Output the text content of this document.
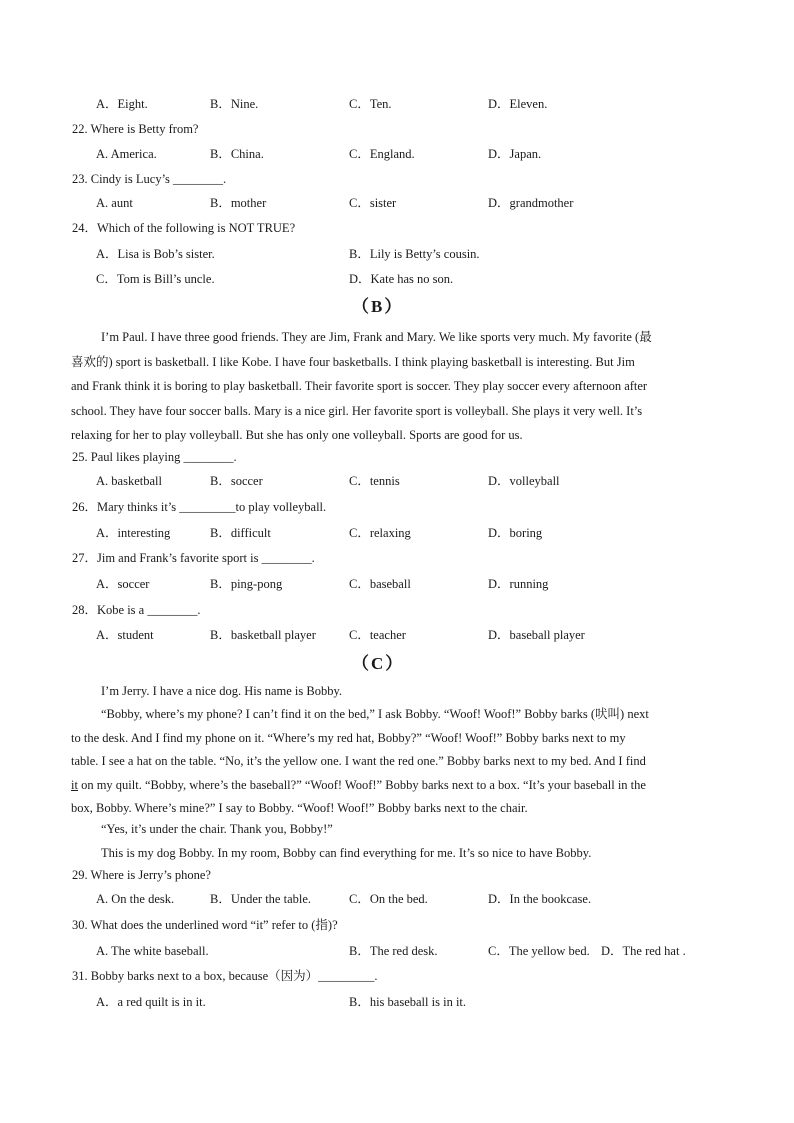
A．Eight.	B．Nine.	C．Ten.	D．Eleven.
22. Where is Betty from?
A. America.	B．China.	C．England.	D．Japan.
23. Cindy is Lucy’s ________.
A. aunt	B．mother	C．sister	D．grandmother
24．Which of the following is NOT TRUE?
A．Lisa is Bob’s sister.	B．Lily is Betty’s cousin.
C．Tom is Bill’s uncle.	D．Kate has no son.
（B）

I’m Paul. I have three good friends. They are Jim, Frank and Mary. We like sports very much. My favorite (最

喜欢的) sport is basketball. I like Kobe. I have four basketballs. I think playing basketball is interesting. But Jim

and Frank think it is boring to play basketball. Their favorite sport is soccer. They play soccer every afternoon after

school. They have four soccer balls. Mary is a nice girl. Her favorite sport is volleyball. She plays it very well. It’s

relaxing for her to play volleyball. But she has only one volleyball. Sports are good for us.

25. Paul likes playing ________.
A. basketball	B．soccer	C．tennis	D．volleyball
26．Mary thinks it’s _________to play volleyball.
A．interesting	B．difficult	C．relaxing	D．boring
27．Jim and Frank’s favorite sport is ________.
A．soccer	B．ping-pong	C．baseball	D．running
28．Kobe is a ________.
A．student	B．basketball player	C．teacher	D．baseball player
（C）
I’m Jerry. I have a nice dog. His name is Bobby.

“Bobby, where’s my phone? I can’t find it on the bed,” I ask Bobby. “Woof! Woof!” Bobby barks (吠叫) next

to the desk. And I find my phone on it. “Where’s my red hat, Bobby?” “Woof! Woof!” Bobby barks next to my

table. I see a hat on the table. “No, it’s the yellow one. I want the red one.” Bobby barks next to my bed. And I find

it on my quilt. “Bobby, where’s the baseball?” “Woof! Woof!” Bobby barks next to a box. “It’s your baseball in the

box, Bobby. Where’s mine?” I say to Bobby. “Woof! Woof!” Bobby barks next to the chair.

“Yes, it’s under the chair. Thank you, Bobby!”
This is my dog Bobby. In my room, Bobby can find everything for me. It’s so nice to have Bobby.
29. Where is Jerry’s phone?
A. On the desk.	B．Under the table.	C．On the bed.	D．In the bookcase.
30. What does the underlined word “it” refer to (指)?
A. The white baseball.	B．The red desk.	C．The yellow bed. D．The red hat .
31. Bobby barks next to a box, because（因为）_________.
A．a red quilt is in it.	B．his baseball is in it.
